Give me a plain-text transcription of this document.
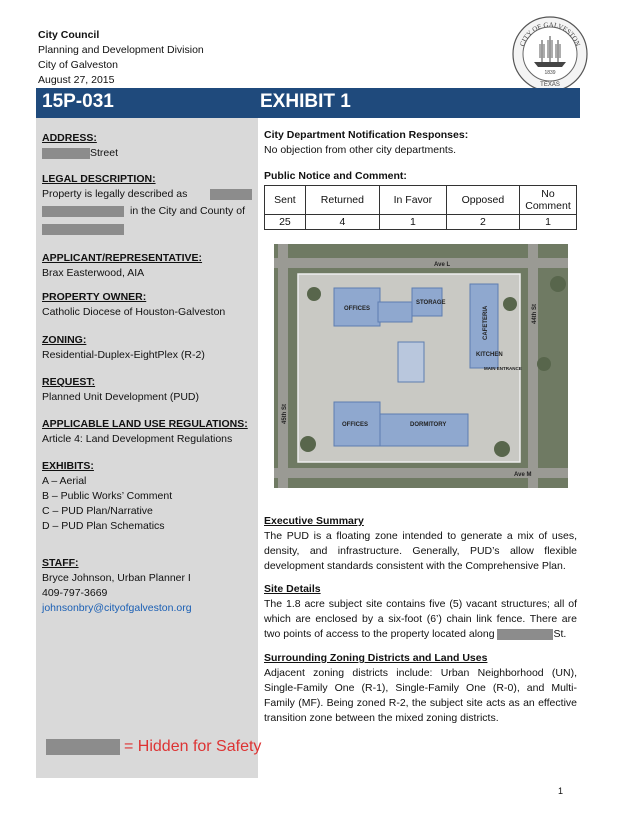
City Council
Planning and Development Division
City of Galveston
August 27, 2015
CITY OF GALVESTON
1839
TEXAS
15P-031	EXHIBIT 1
ADDRESS:
Street
LEGAL DESCRIPTION:
Property is legally described as
in the City and County of
APPLICANT/REPRESENTATIVE:
Brax Easterwood, AIA
PROPERTY OWNER:
Catholic Diocese of Houston-Galveston
ZONING:
Residential-Duplex-EightPlex (R-2)
REQUEST:
Planned Unit Development (PUD)
APPLICABLE LAND USE REGULATIONS:
Article 4: Land Development Regulations
EXHIBITS:
A – Aerial
B – Public Works’ Comment
C – PUD Plan/Narrative
D – PUD Plan Schematics
STAFF:
Bryce Johnson, Urban Planner I
409-797-3669
johnsonbry@cityofgalveston.org
City Department Notification Responses:
No objection from other city departments.
Public Notice and Comment:
Sent	Returned	In Favor	Opposed	No Comment
25	4	1	2	1
Ave L
Ave M
44th St
45th St
OFFICES
STORAGE
OFFICES	DORMITORY
MAIN ENTRANCE
KITCHEN
CAFETERIA
Executive Summary
The PUD is a floating zone intended to generate a mix of uses, density, and infrastructure. Generally, PUD’s allow flexible development standards consistent with the Comprehensive Plan.
Site Details
The 1.8 acre subject site contains five (5) vacant structures; all of which are enclosed by a six-foot (6’) chain link fence. There are two points of access to the property located along	St.
Surrounding Zoning Districts and Land Uses
Adjacent zoning districts include: Urban Neighborhood (UN), Single-Family One (R-1), Single-Family One (R-0), and Multi-Family (MF). Being zoned R-2, the subject site acts as an effective transition zone between the mixed zoning districts.
= Hidden for Safety
1
